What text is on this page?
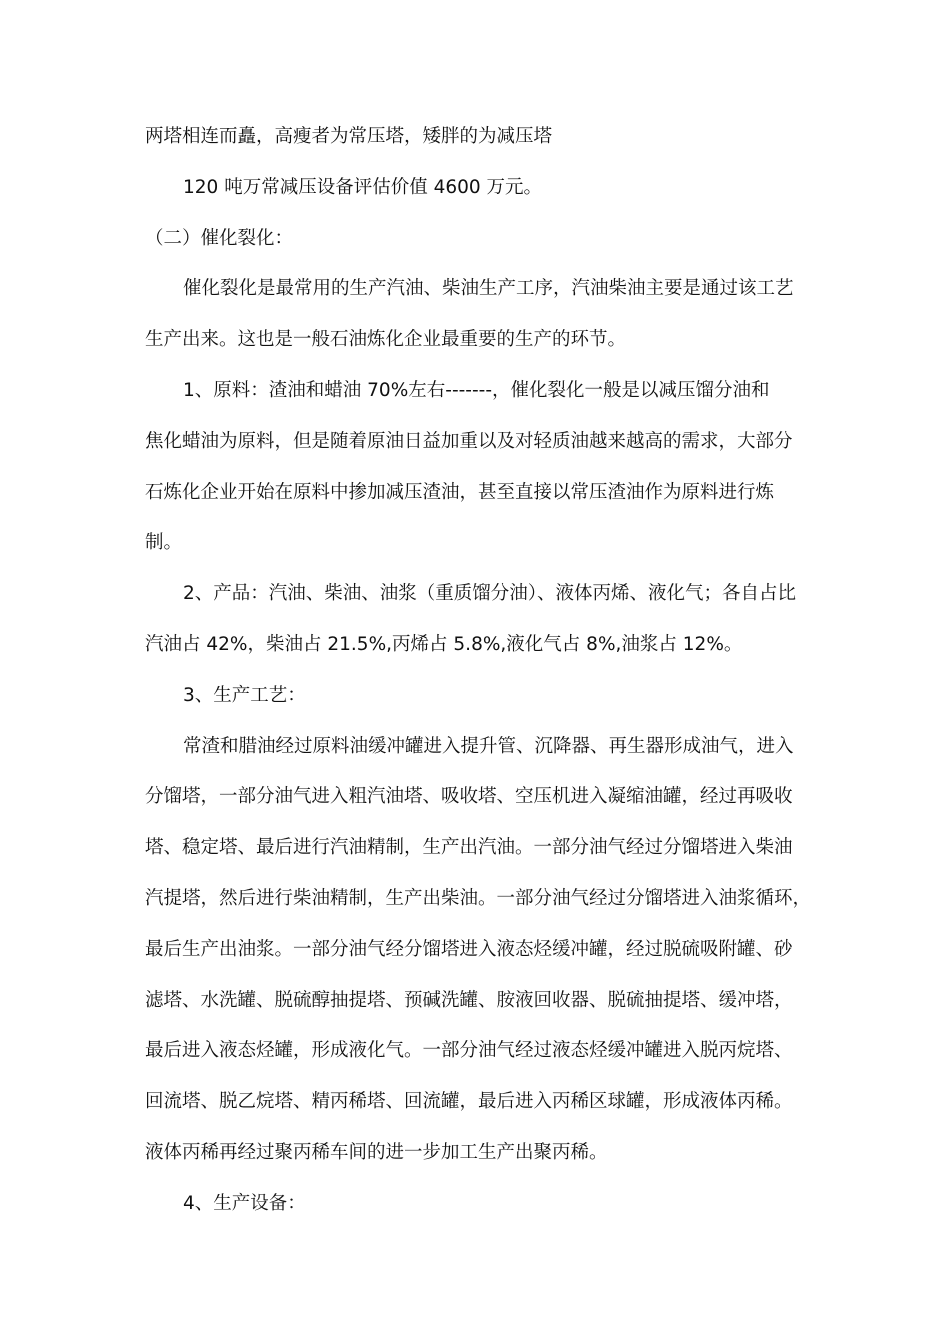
两塔相连而矗，高瘦者为常压塔，矮胖的为减压塔
120 吨万常减压设备评估价值 4600 万元。
（二）催化裂化：
催化裂化是最常用的生产汽油、柴油生产工序，汽油柴油主要是通过该工艺
生产出来。这也是一般石油炼化企业最重要的生产的环节。
1、原料：渣油和蜡油 70%左右-------，催化裂化一般是以减压馏分油和
焦化蜡油为原料，但是随着原油日益加重以及对轻质油越来越高的需求，大部分
石炼化企业开始在原料中掺加减压渣油，甚至直接以常压渣油作为原料进行炼
制。
2、产品：汽油、柴油、油浆（重质馏分油）、液体丙烯、液化气；各自占比
汽油占 42%，柴油占 21.5%,丙烯占 5.8%,液化气占 8%,油浆占 12%。
3、生产工艺：
常渣和腊油经过原料油缓冲罐进入提升管、沉降器、再生器形成油气，进入
分馏塔，一部分油气进入粗汽油塔、吸收塔、空压机进入凝缩油罐，经过再吸收
塔、稳定塔、最后进行汽油精制，生产出汽油。一部分油气经过分馏塔进入柴油
汽提塔，然后进行柴油精制，生产出柴油。一部分油气经过分馏塔进入油浆循环，
最后生产出油浆。一部分油气经分馏塔进入液态烃缓冲罐，经过脱硫吸附罐、砂
滤塔、水洗罐、脱硫醇抽提塔、预碱洗罐、胺液回收器、脱硫抽提塔、缓冲塔，
最后进入液态烃罐，形成液化气。一部分油气经过液态烃缓冲罐进入脱丙烷塔、
回流塔、脱乙烷塔、精丙稀塔、回流罐，最后进入丙稀区球罐，形成液体丙稀。
液体丙稀再经过聚丙稀车间的进一步加工生产出聚丙稀。
4、生产设备：
